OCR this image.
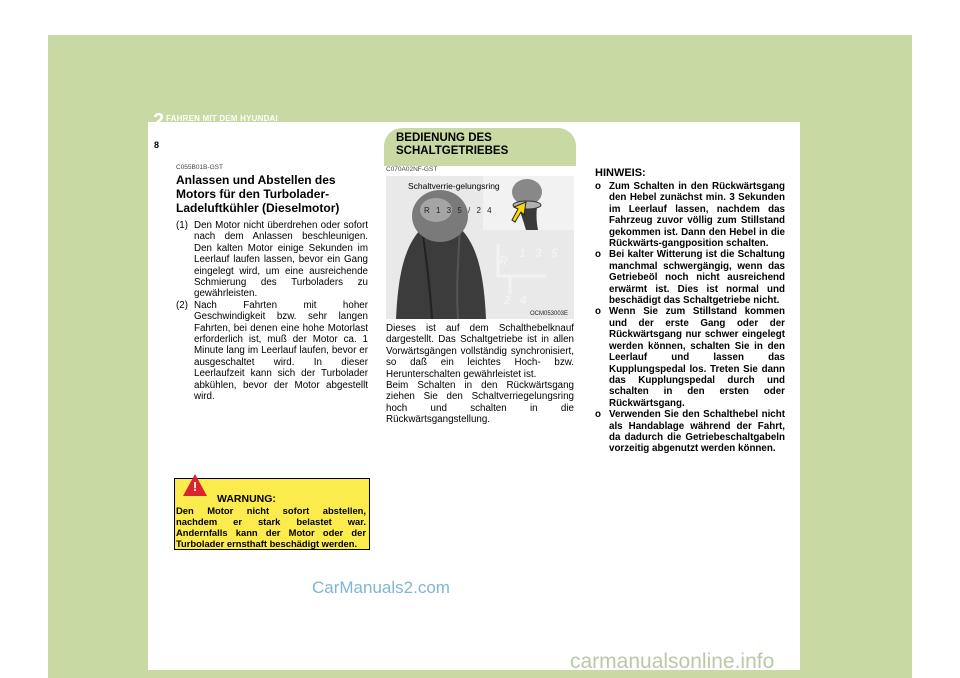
2 FAHREN MIT DEM HYUNDAI
8
C055B01B-GST
Anlassen und Abstellen des Motors für den Turbolader-Ladeluftkühler (Dieselmotor)
(1) Den Motor nicht überdrehen oder sofort nach dem Anlassen beschleunigen. Den kalten Motor einige Sekunden im Leerlauf laufen lassen, bevor ein Gang eingelegt wird, um eine ausreichende Schmierung des Turboladers zu gewährleisten.
(2) Nach Fahrten mit hoher Geschwindigkeit bzw. sehr langen Fahrten, bei denen eine hohe Motorlast erforderlich ist, muß der Motor ca. 1 Minute lang im Leerlauf laufen, bevor er ausgeschaltet wird. In dieser Leerlaufzeit kann sich der Turbolader abkühlen, bevor der Motor abgestellt wird.
!
WARNUNG:
Den Motor nicht sofort abstellen, nachdem er stark belastet war. Andernfalls kann der Motor oder der Turbolader ernsthaft beschädigt werden.
BEDIENUNG DES SCHALTGETRIEBES
C070A02NF-GST
Schaltverrie-gelungsring
R 1 3 5 / 2 4
R
1 3 5
2 4
OCM053003E
Dieses ist auf dem Schalthebelknauf dargestellt. Das Schaltgetriebe ist in allen Vorwärtsgängen vollständig synchronisiert, so daß ein leichtes Hoch- bzw. Herunterschalten gewährleistet ist.
Beim Schalten in den Rückwärtsgang ziehen Sie den Schaltverriegelungsring hoch und schalten in die Rückwärtsgangstellung.
HINWEIS:
o Zum Schalten in den Rückwärtsgang den Hebel zunächst min. 3 Sekunden im Leerlauf lassen, nachdem das Fahrzeug zuvor völlig zum Stillstand gekommen ist. Dann den Hebel in die Rückwärts-gangposition schalten.
o Bei kalter Witterung ist die Schaltung manchmal schwergängig, wenn das Getriebeöl noch nicht ausreichend erwärmt ist. Dies ist normal und beschädigt das Schaltgetriebe nicht.
o Wenn Sie zum Stillstand kommen und der erste Gang oder der Rückwärtsgang nur schwer eingelegt werden können, schalten Sie in den Leerlauf und lassen das Kupplungspedal los. Treten Sie dann das Kupplungspedal durch und schalten in den ersten oder Rückwärtsgang.
o Verwenden Sie den Schalthebel nicht als Handablage während der Fahrt, da dadurch die Getriebeschaltgabeln vorzeitig abgenutzt werden können.
CarManuals2.com
carmanualsonline.info
